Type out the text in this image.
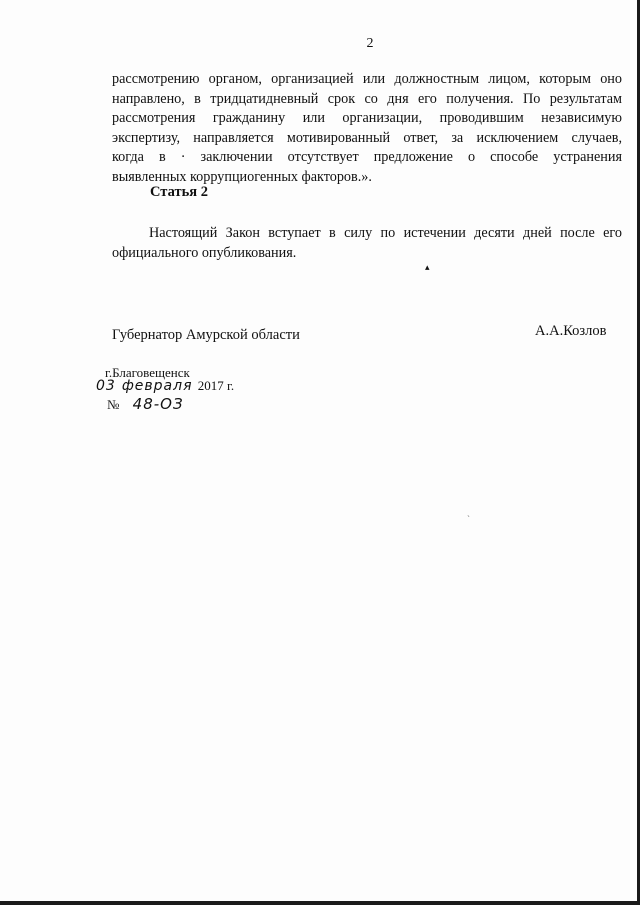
2
рассмотрению органом, организацией или должностным лицом, которым оно
направлено, в тридцатидневный срок со дня его получения. По результатам
рассмотрения гражданину или организации, проводившим независимую
экспертизу, направляется мотивированный ответ, за исключением случаев,
когда в · заключении отсутствует предложение о способе устранения
выявленных коррупциогенных факторов.».
Статья 2
Настоящий Закон вступает в силу по истечении десяти дней после его
официального опубликования.
▴
ˋ
Губернатор Амурской области	А.А.Козлов
г.Благовещенск
03 февраля 2017 г.
№ 48-ОЗ
